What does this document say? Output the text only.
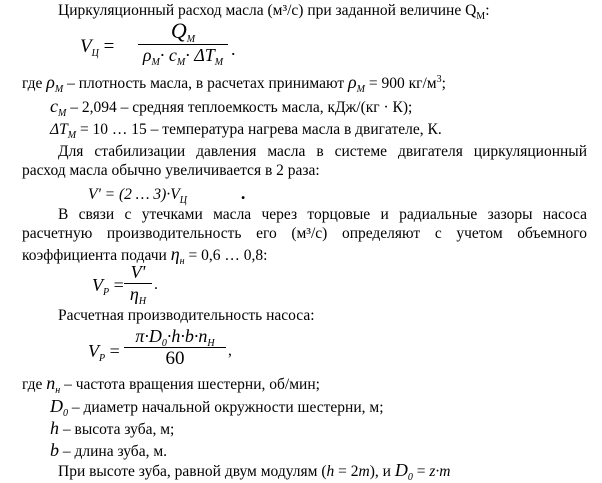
Циркуляционный расход масла (м³/с) при заданной величине $Q_М$:
$V_Ц$ =
QМ
$\rho_М\cdot c_М\cdot \Delta T_М$
.
где $\rho_М$ – плотность масла, в расчетах принимают $\rho_М = 900$ $кг/м^3$;
$c_М - 2,094$ – средняя теплоемкость масла, кДж/(кг · К);
$\Delta T_М = 10$ … 15 – температура нагрева масла в двигателе, К.
Для стабилизации давления масла в системе двигателя циркуляционный
расход масла обычно увеличивается в 2 раза:
V' = (2 … $3)\cdot V_Ц$	.
В связи с утечками масла через торцовые и радиальные зазоры насоса
расчетную производительность его (м³/с) определяют с учетом объемного
коэффициента подачи $\eta_н = 0,6$ … 0,8:
$V_Р$ =
V'
$\eta_Н$
.
Расчетная производительность насоса:
$V_Р$ =
$\pi\cdot D_0\cdot h\cdot b\cdot n_Н$
60	,
где $n_н$ – частота вращения шестерни, об/мин;
$D_0$ – диаметр начальной окружности шестерни, м;
h – высота зуба, м;
b – длина зуба, м.
При высоте зуба, равной двум модулям (h = 2m), и $D_0 = z\cdot m$
